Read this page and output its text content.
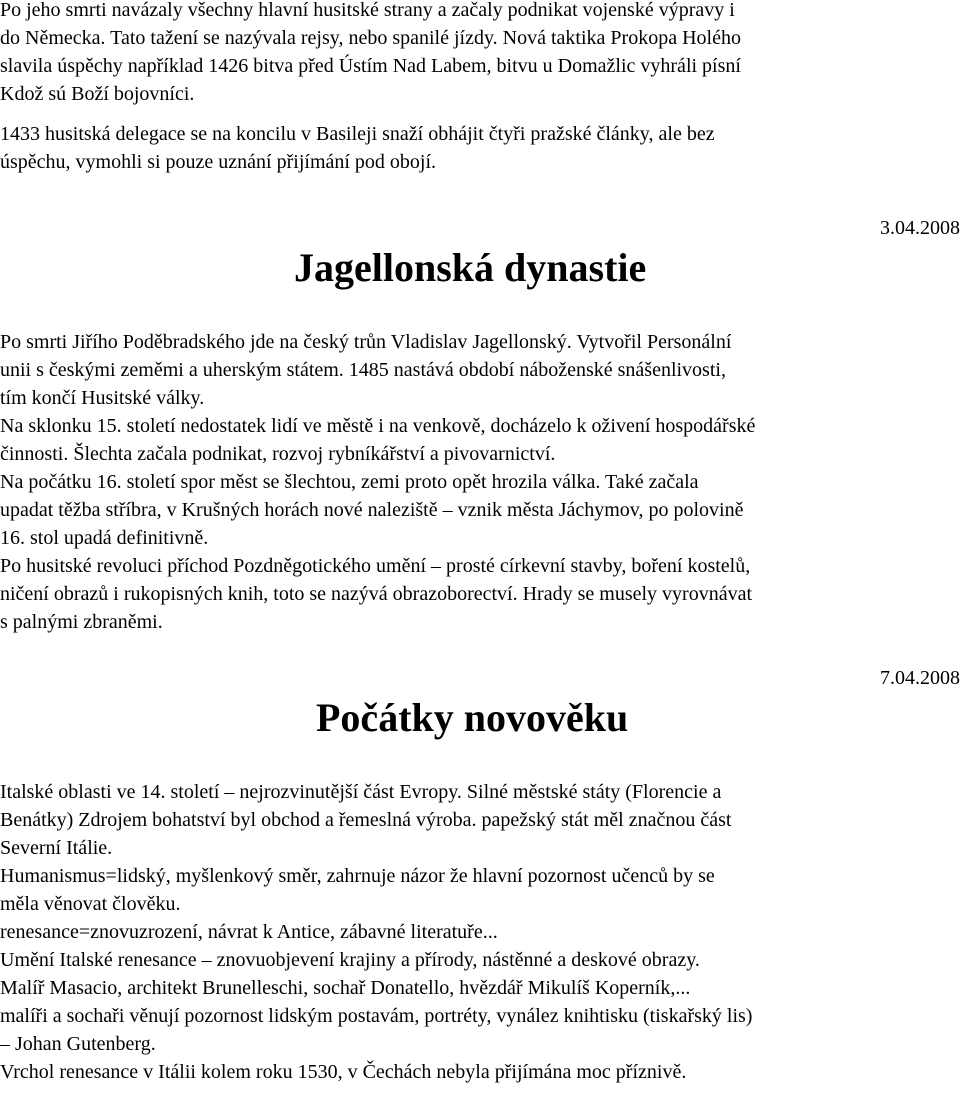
Po jeho smrti navázaly všechny hlavní husitské strany a začaly podnikat vojenské výpravy i
do Německa. Tato tažení se nazývala rejsy, nebo spanilé jízdy. Nová taktika Prokopa Holého
slavila úspěchy například 1426 bitva před Ústím Nad Labem, bitvu u Domažlic vyhráli písní
Kdož sú Boží bojovníci.
1433 husitská delegace se na koncilu v Basileji snaží obhájit čtyři pražské články, ale bez
úspěchu, vymohli si pouze uznání přijímání pod obojí.
3.04.2008
Jagellonská dynastie
Po smrti Jiřího Poděbradského jde na český trůn Vladislav Jagellonský. Vytvořil Personální
unii s českými zeměmi a uherským státem. 1485 nastává období náboženské snášenlivosti,
tím končí Husitské války.
Na sklonku 15. století nedostatek lidí ve městě i na venkově, docházelo k oživení hospodářské
činnosti. Šlechta začala podnikat, rozvoj rybníkářství a pivovarnictví.
Na počátku 16. století spor měst se šlechtou, zemi proto opět hrozila válka. Také začala
upadat těžba stříbra, v Krušných horách nové naleziště – vznik města Jáchymov, po polovině
16. stol upadá definitivně.
Po husitské revoluci příchod Pozdněgotického umění – prosté církevní stavby, boření kostelů,
ničení obrazů i rukopisných knih, toto se nazývá obrazoborectví. Hrady se musely vyrovnávat
s palnými zbraněmi.
7.04.2008
Počátky novověku
Italské oblasti ve 14. století – nejrozvinutější část Evropy. Silné městské státy (Florencie a
Benátky) Zdrojem bohatství byl obchod a řemeslná výroba. papežský stát měl značnou část
Severní Itálie.
Humanismus=lidský, myšlenkový směr, zahrnuje názor že hlavní pozornost učenců by se
měla věnovat člověku.
renesance=znovuzrození, návrat k Antice, zábavné literatuře...
Umění Italské renesance – znovuobjevení krajiny a přírody, nástěnné a deskové obrazy.
Malíř Masacio, architekt Brunelleschi, sochař Donatello, hvězdář Mikulíš Koperník,...
malíři a sochaři věnují pozornost lidským postavám, portréty, vynález knihtisku (tiskařský lis)
– Johan Gutenberg.
Vrchol renesance v Itálii kolem roku 1530, v Čechách nebyla přijímána moc příznivě.
